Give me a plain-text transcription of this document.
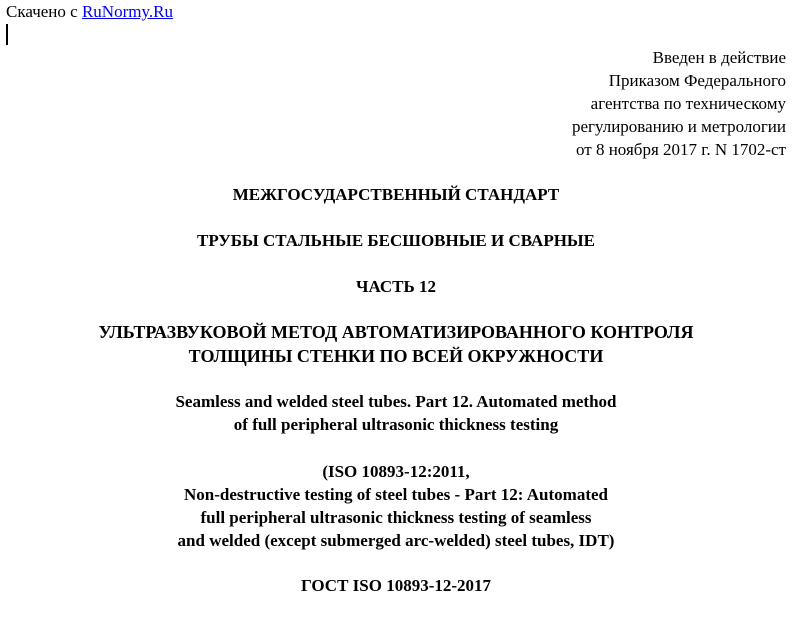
Скачено с RuNormy.Ru
Введен в действие
Приказом Федерального
агентства по техническому
регулированию и метрологии
от 8 ноября 2017 г. N 1702-ст
МЕЖГОСУДАРСТВЕННЫЙ СТАНДАРТ
ТРУБЫ СТАЛЬНЫЕ БЕСШОВНЫЕ И СВАРНЫЕ
ЧАСТЬ 12
УЛЬТРАЗВУКОВОЙ МЕТОД АВТОМАТИЗИРОВАННОГО КОНТРОЛЯ
ТОЛЩИНЫ СТЕНКИ ПО ВСЕЙ ОКРУЖНОСТИ
Seamless and welded steel tubes. Part 12. Automated method
of full peripheral ultrasonic thickness testing
(ISO 10893-12:2011,
Non-destructive testing of steel tubes - Part 12: Automated
full peripheral ultrasonic thickness testing of seamless
and welded (except submerged arc-welded) steel tubes, IDT)
ГОСТ ISO 10893-12-2017
